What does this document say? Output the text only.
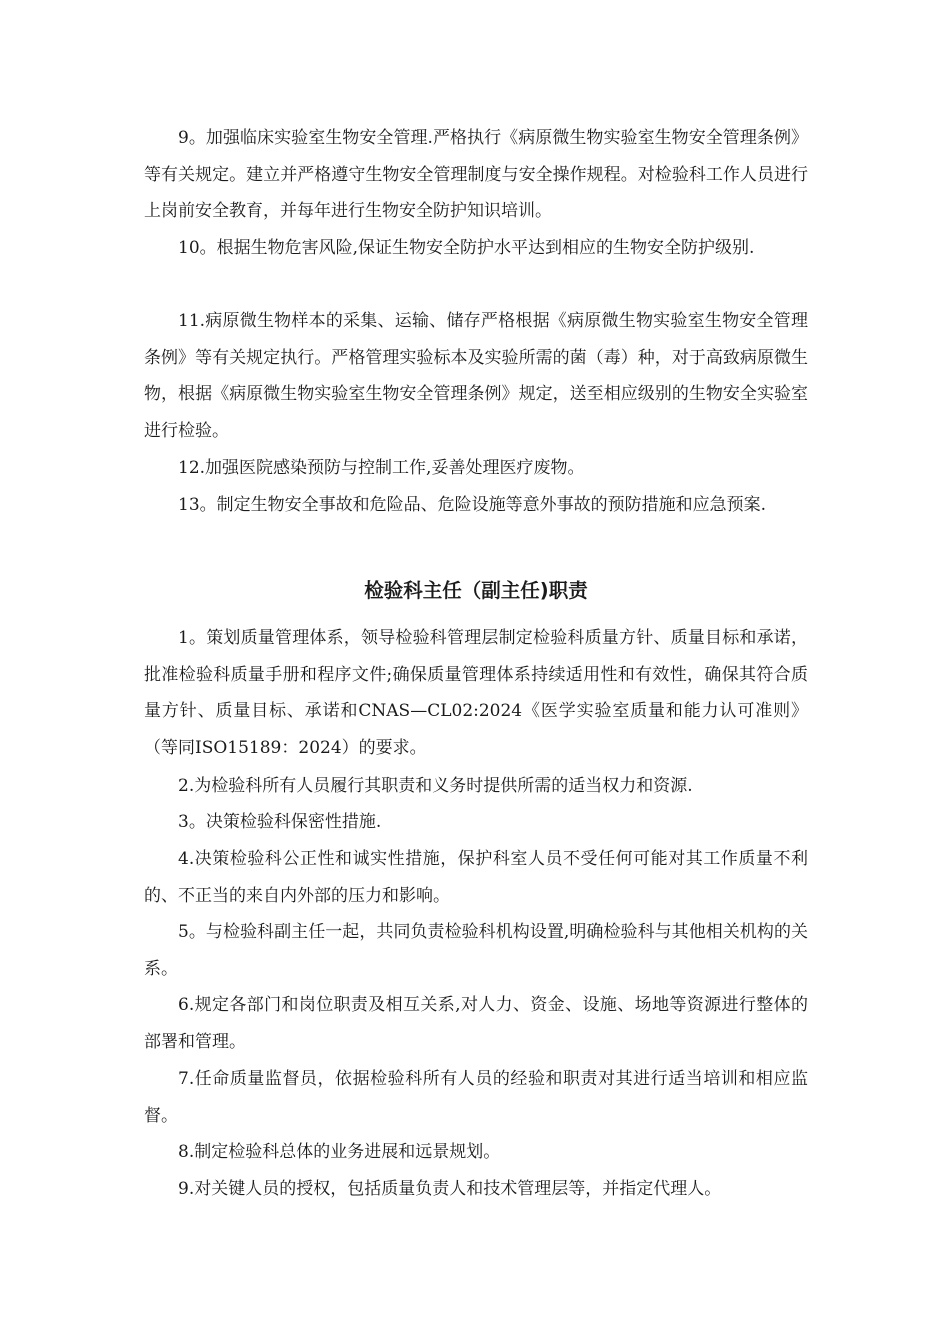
9。加强临床实验室生物安全管理.严格执行《病原微生物实验室生物安全管理条例》等有关规定。建立并严格遵守生物安全管理制度与安全操作规程。对检验科工作人员进行上岗前安全教育，并每年进行生物安全防护知识培训。

10。根据生物危害风险,保证生物安全防护水平达到相应的生物安全防护级别.

11.病原微生物样本的采集、运输、储存严格根据《病原微生物实验室生物安全管理条例》等有关规定执行。严格管理实验标本及实验所需的菌（毒）种，对于高致病原微生物，根据《病原微生物实验室生物安全管理条例》规定，送至相应级别的生物安全实验室进行检验。

12.加强医院感染预防与控制工作,妥善处理医疗废物。

13。制定生物安全事故和危险品、危险设施等意外事故的预防措施和应急预案.

检验科主任（副主任)职责

1。策划质量管理体系，领导检验科管理层制定检验科质量方针、质量目标和承诺，批准检验科质量手册和程序文件;确保质量管理体系持续适用性和有效性，确保其符合质量方针、质量目标、承诺和CNAS—CL02:2024《医学实验室质量和能力认可准则》（等同ISO15189：2024）的要求。

2.为检验科所有人员履行其职责和义务时提供所需的适当权力和资源.

3。决策检验科保密性措施.

4.决策检验科公正性和诚实性措施，保护科室人员不受任何可能对其工作质量不利的、不正当的来自内外部的压力和影响。

5。与检验科副主任一起，共同负责检验科机构设置,明确检验科与其他相关机构的关系。

6.规定各部门和岗位职责及相互关系,对人力、资金、设施、场地等资源进行整体的部署和管理。

7.任命质量监督员，依据检验科所有人员的经验和职责对其进行适当培训和相应监督。

8.制定检验科总体的业务进展和远景规划。

9.对关键人员的授权，包括质量负责人和技术管理层等，并指定代理人。
